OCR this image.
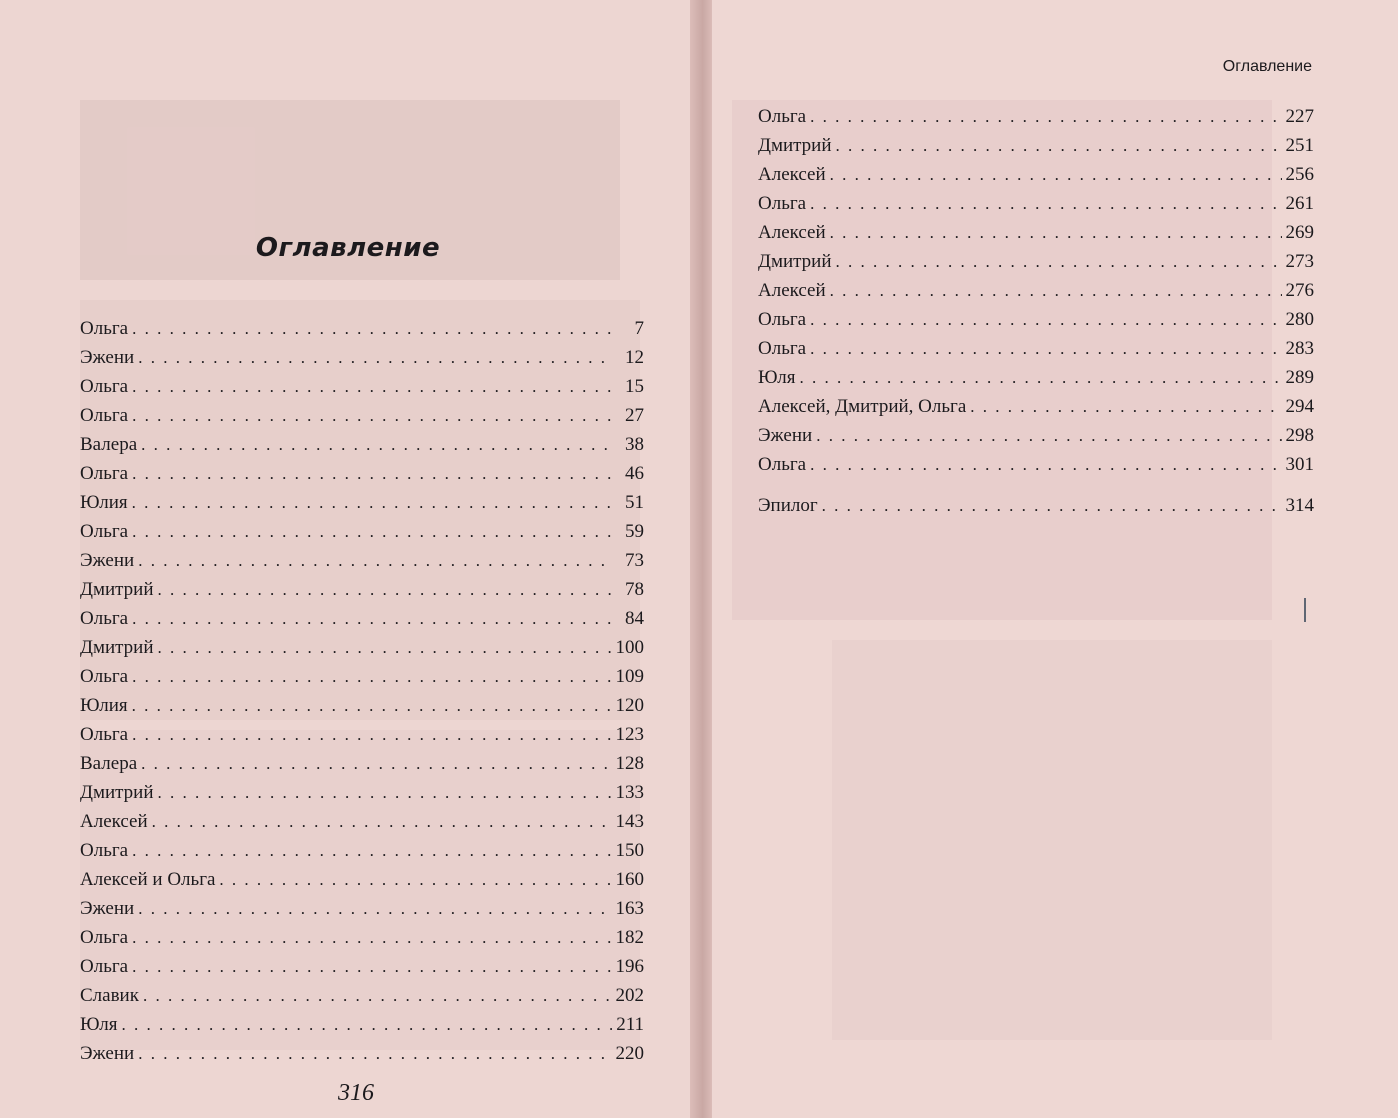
Оглавление
Ольга . . .	7
Эжени . . .	12
Ольга . . .	15
Ольга . . .	27
Валера . . .	38
Ольга . . .	46
Юлия . . .	51
Ольга . . .	59
Эжени . . .	73
Дмитрий . . .	78
Ольга . . .	84
Дмитрий . . .	100
Ольга . . .	109
Юлия . . .	120
Ольга . . .	123
Валера . . .	128
Дмитрий . . .	133
Алексей . . .	143
Ольга . . .	150
Алексей и Ольга . . .	160
Эжени . . .	163
Ольга . . .	182
Ольга . . .	196
Славик . . .	202
Юля . . .	211
Эжени . . .	220
316
Оглавление
Ольга . . .	227
Дмитрий . . .	251
Алексей . . .	256
Ольга . . .	261
Алексей . . .	269
Дмитрий . . .	273
Алексей . . .	276
Ольга . . .	280
Ольга . . .	283
Юля . . .	289
Алексей, Дмитрий, Ольга . . .	294
Эжени . . .	298
Ольга . . .	301
Эпилог . . .	314
